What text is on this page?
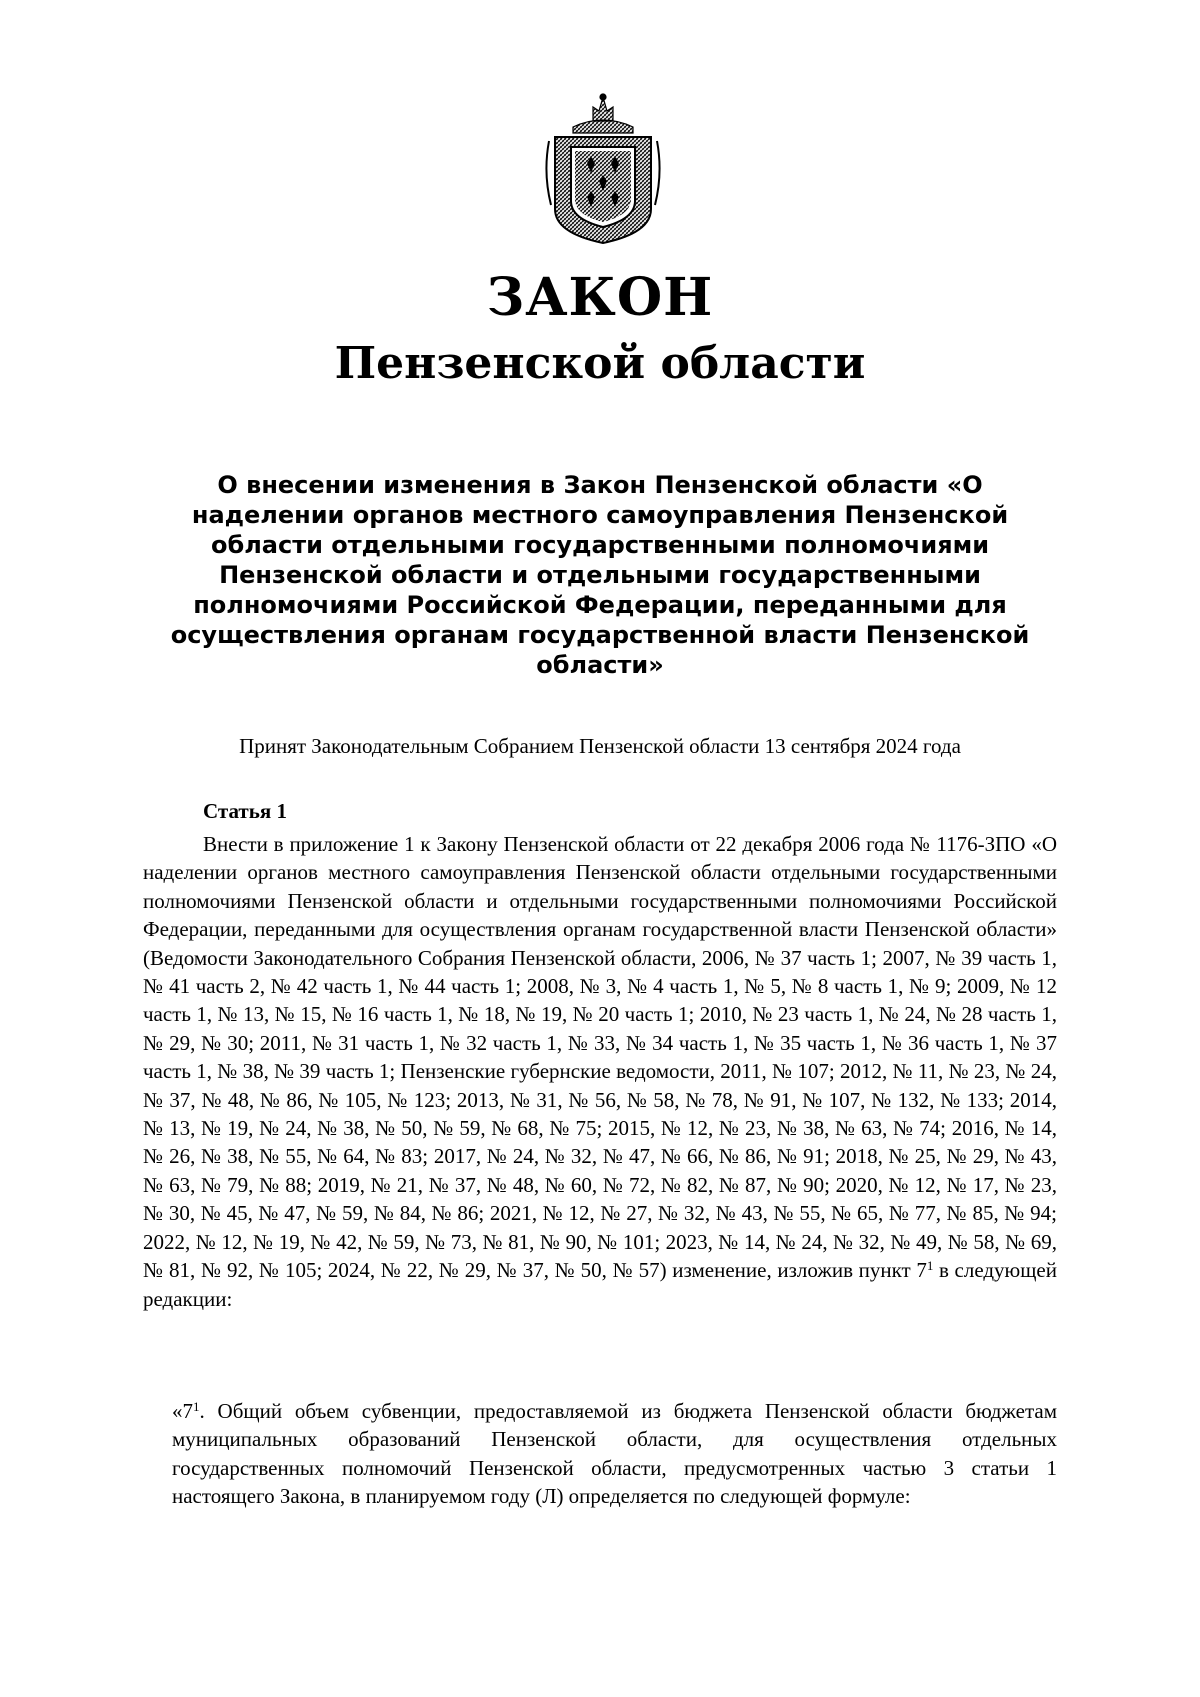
ЗАКОН
Пензенской области

О внесении изменения в Закон Пензенской области «О наделении органов местного самоуправления Пензенской области отдельными государственными полномочиями Пензенской области и отдельными государственными полномочиями Российской Федерации, переданными для осуществления органам государственной власти Пензенской области»

Принят Законодательным Собранием Пензенской области 13 сентября 2024 года
Статья 1

Внести в приложение 1 к Закону Пензенской области от 22 декабря 2006 года № 1176-ЗПО «О наделении органов местного самоуправления Пензенской области отдельными государственными полномочиями Пензенской области и отдельными государственными полномочиями Российской Федерации, переданными для осуществления органам государственной власти Пензенской области» (Ведомости Законодательного Собрания Пензенской области, 2006, № 37 часть 1; 2007, № 39 часть 1, № 41 часть 2, № 42 часть 1, № 44 часть 1; 2008, № 3, № 4 часть 1, № 5, № 8 часть 1, № 9; 2009, № 12 часть 1, № 13, № 15, № 16 часть 1, № 18, № 19, № 20 часть 1; 2010, № 23 часть 1, № 24, № 28 часть 1, № 29, № 30; 2011, № 31 часть 1, № 32 часть 1, № 33, № 34 часть 1, № 35 часть 1, № 36 часть 1, № 37 часть 1, № 38, № 39 часть 1; Пензенские губернские ведомости, 2011, № 107; 2012, № 11, № 23, № 24, № 37, № 48, № 86, № 105, № 123; 2013, № 31, № 56, № 58, № 78, № 91, № 107, № 132, № 133; 2014, № 13, № 19, № 24, № 38, № 50, № 59, № 68, № 75; 2015, № 12, № 23, № 38, № 63, № 74; 2016, № 14, № 26, № 38, № 55, № 64, № 83; 2017, № 24, № 32, № 47, № 66, № 86, № 91; 2018, № 25, № 29, № 43, № 63, № 79, № 88; 2019, № 21, № 37, № 48, № 60, № 72, № 82, № 87, № 90; 2020, № 12, № 17, № 23, № 30, № 45, № 47, № 59, № 84, № 86; 2021, № 12, № 27, № 32, № 43, № 55, № 65, № 77, № 85, № 94; 2022, № 12, № 19, № 42, № 59, № 73, № 81, № 90, № 101; 2023, № 14, № 24, № 32, № 49, № 58, № 69, № 81, № 92, № 105; 2024, № 22, № 29, № 37, № 50, № 57) изменение, изложив пункт $7^1$ в следующей редакции:

«$7^1$. Общий объем субвенции, предоставляемой из бюджета Пензенской области бюджетам муниципальных образований Пензенской области, для осуществления отдельных государственных полномочий Пензенской области, предусмотренных частью 3 статьи 1 настоящего Закона, в планируемом году (Л) определяется по следующей формуле:
